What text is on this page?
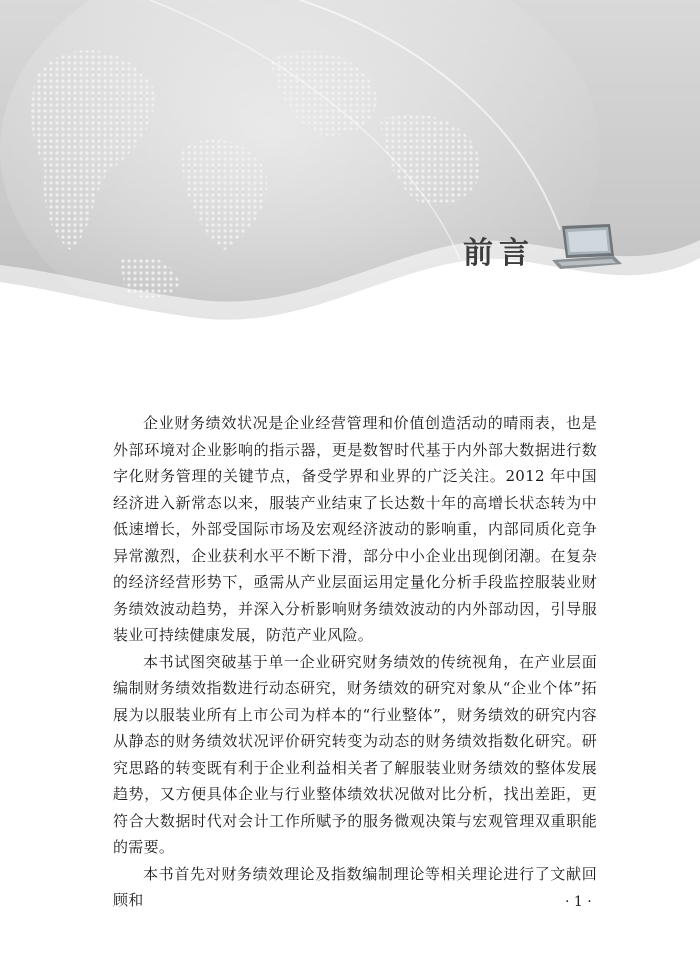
前言
PREFACE

企业财务绩效状况是企业经营管理和价值创造活动的晴雨表，也是外部环境对企业影响的指示器，更是数智时代基于内外部大数据进行数字化财务管理的关键节点，备受学界和业界的广泛关注。2012 年中国经济进入新常态以来，服装产业结束了长达数十年的高增长状态转为中低速增长，外部受国际市场及宏观经济波动的影响重，内部同质化竞争异常激烈，企业获利水平不断下滑，部分中小企业出现倒闭潮。在复杂的经济经营形势下，亟需从产业层面运用定量化分析手段监控服装业财务绩效波动趋势，并深入分析影响财务绩效波动的内外部动因，引导服装业可持续健康发展，防范产业风险。

本书试图突破基于单一企业研究财务绩效的传统视角，在产业层面编制财务绩效指数进行动态研究，财务绩效的研究对象从“企业个体”拓展为以服装业所有上市公司为样本的“行业整体”，财务绩效的研究内容从静态的财务绩效状况评价研究转变为动态的财务绩效指数化研究。研究思路的转变既有利于企业利益相关者了解服装业财务绩效的整体发展趋势，又方便具体企业与行业整体绩效状况做对比分析，找出差距，更符合大数据时代对会计工作所赋予的服务微观决策与宏观管理双重职能的需要。

本书首先对财务绩效理论及指数编制理论等相关理论进行了文献回顾和	· 1 ·
